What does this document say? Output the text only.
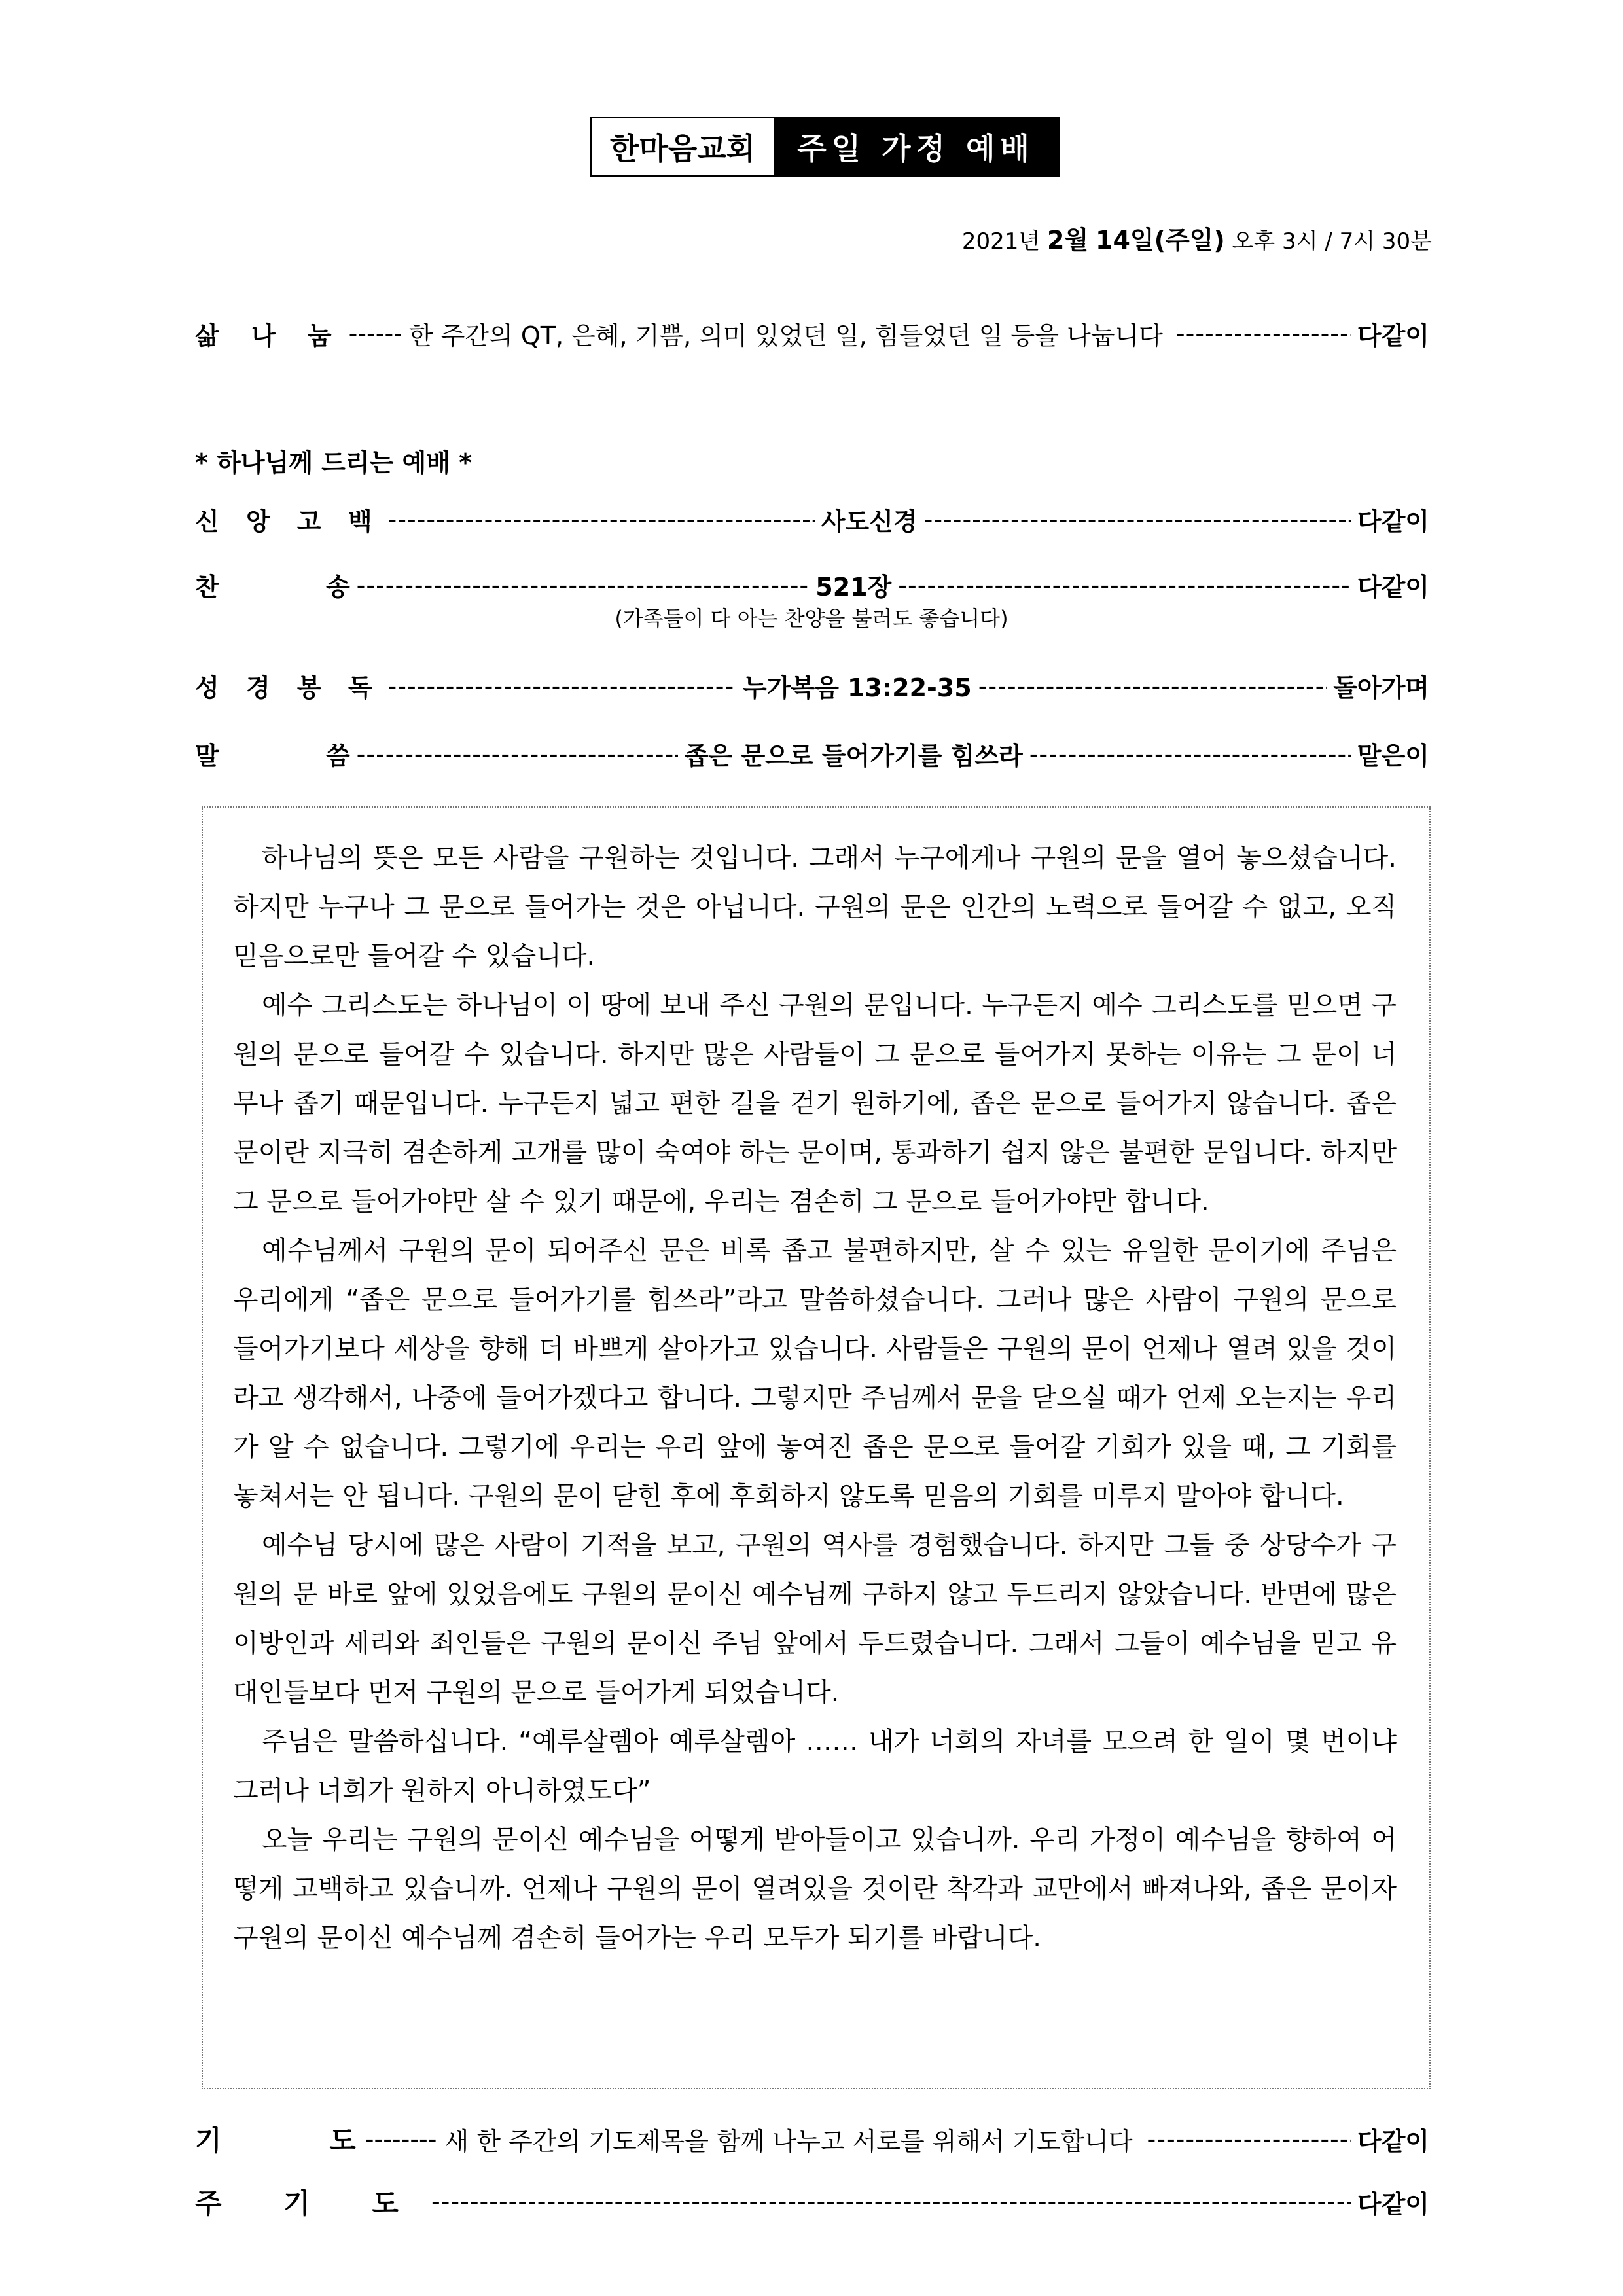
한마음교회	주일 가정 예배
2021년 2월 14일(주일) 오후 3시 / 7시 30분
삶 나 눔 ------ 한 주간의 QT, 은혜, 기쁨, 의미 있었던 일, 힘들었던 일 등을 나눕니다 -----	다같이
* 하나님께 드리는 예배 *
신 앙 고 백 -----	사도신경 -----	다같이
찬 송 -----	521장 -----	다같이
(가족들이 다 아는 찬양을 불러도 좋습니다)
성 경 봉 독 -----	누가복음 13:22-35 -----	돌아가며
말 씀 -----	좁은 문으로 들어가기를 힘쓰라 -----	맡은이

하나님의 뜻은 모든 사람을 구원하는 것입니다. 그래서 누구에게나 구원의 문을 열어 놓으셨습니다. 하지만 누구나 그 문으로 들어가는 것은 아닙니다. 구원의 문은 인간의 노력으로 들어갈 수 없고, 오직 믿음으로만 들어갈 수 있습니다.

예수 그리스도는 하나님이 이 땅에 보내 주신 구원의 문입니다. 누구든지 예수 그리스도를 믿으면 구원의 문으로 들어갈 수 있습니다. 하지만 많은 사람들이 그 문으로 들어가지 못하는 이유는 그 문이 너무나 좁기 때문입니다. 누구든지 넓고 편한 길을 걷기 원하기에, 좁은 문으로 들어가지 않습니다. 좁은 문이란 지극히 겸손하게 고개를 많이 숙여야 하는 문이며, 통과하기 쉽지 않은 불편한 문입니다. 하지만 그 문으로 들어가야만 살 수 있기 때문에, 우리는 겸손히 그 문으로 들어가야만 합니다.

예수님께서 구원의 문이 되어주신 문은 비록 좁고 불편하지만, 살 수 있는 유일한 문이기에 주님은 우리에게 “좁은 문으로 들어가기를 힘쓰라”라고 말씀하셨습니다. 그러나 많은 사람이 구원의 문으로 들어가기보다 세상을 향해 더 바쁘게 살아가고 있습니다. 사람들은 구원의 문이 언제나 열려 있을 것이라고 생각해서, 나중에 들어가겠다고 합니다. 그렇지만 주님께서 문을 닫으실 때가 언제 오는지는 우리가 알 수 없습니다. 그렇기에 우리는 우리 앞에 놓여진 좁은 문으로 들어갈 기회가 있을 때, 그 기회를 놓쳐서는 안 됩니다. 구원의 문이 닫힌 후에 후회하지 않도록 믿음의 기회를 미루지 말아야 합니다.

예수님 당시에 많은 사람이 기적을 보고, 구원의 역사를 경험했습니다. 하지만 그들 중 상당수가 구원의 문 바로 앞에 있었음에도 구원의 문이신 예수님께 구하지 않고 두드리지 않았습니다. 반면에 많은 이방인과 세리와 죄인들은 구원의 문이신 주님 앞에서 두드렸습니다. 그래서 그들이 예수님을 믿고 유대인들보다 먼저 구원의 문으로 들어가게 되었습니다.

주님은 말씀하십니다. “예루살렘아 예루살렘아 …… 내가 너희의 자녀를 모으려 한 일이 몇 번이냐 그러나 너희가 원하지 아니하였도다”

오늘 우리는 구원의 문이신 예수님을 어떻게 받아들이고 있습니까. 우리 가정이 예수님을 향하여 어떻게 고백하고 있습니까. 언제나 구원의 문이 열려있을 것이란 착각과 교만에서 빠져나와, 좁은 문이자 구원의 문이신 예수님께 겸손히 들어가는 우리 모두가 되기를 바랍니다.

기 도 -------- 새 한 주간의 기도제목을 함께 나누고 서로를 위해서 기도합니다 -----	다같이
주 기 도 -----	다같이
